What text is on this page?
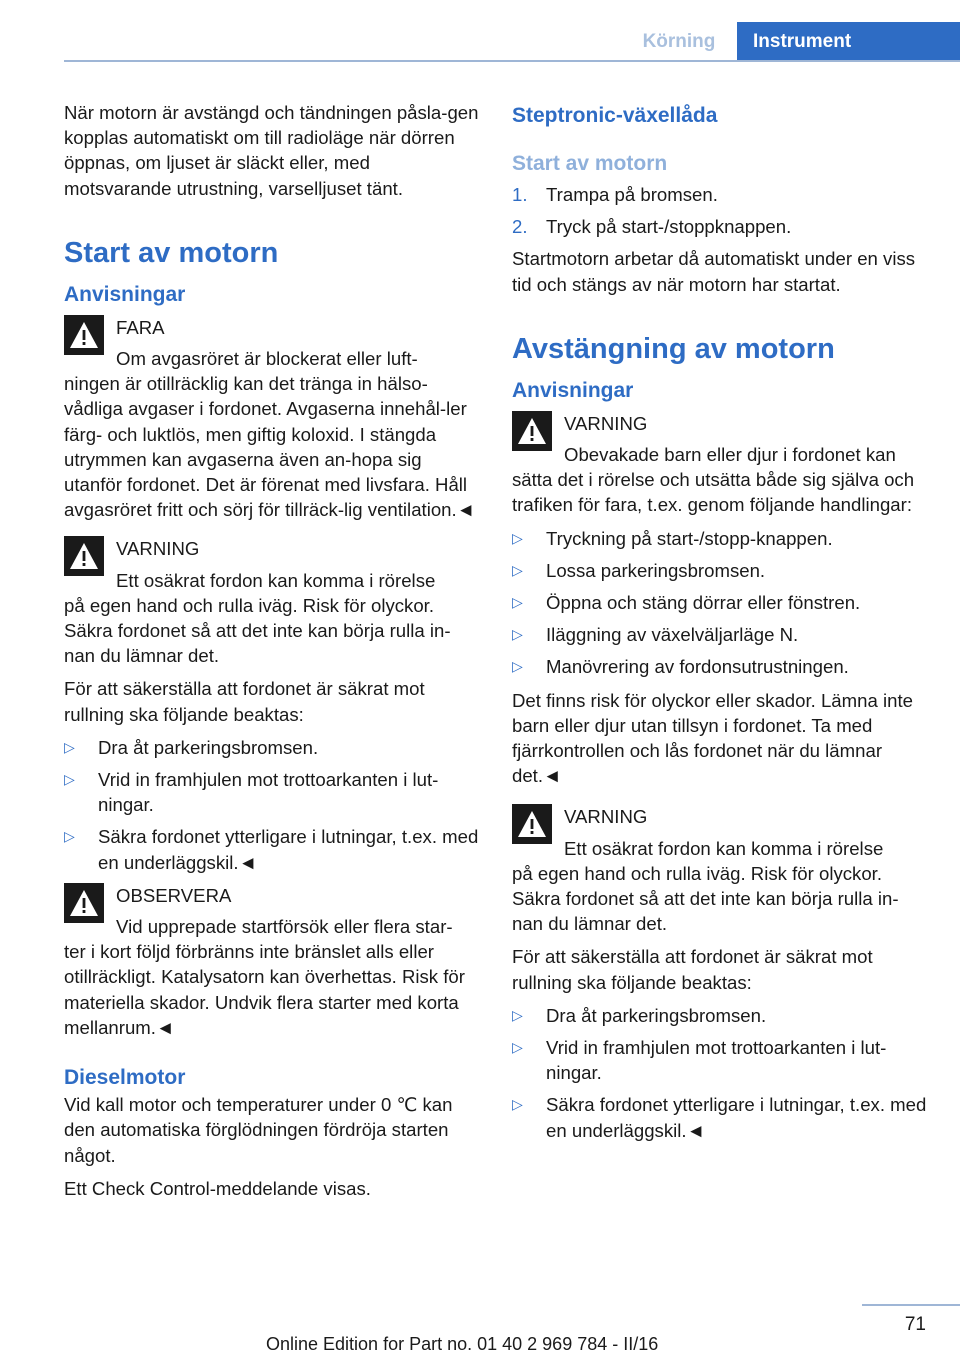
Körning	Instrument

När motorn är avstängd och tändningen påsla-gen kopplas automatiskt om till radioläge när dörren öppnas, om ljuset är släckt eller, med motsvarande utrustning, varselljuset tänt.

Start av motorn
Anvisningar
FARA
Om avgasröret är blockerat eller luft-
ningen är otillräcklig kan det tränga in hälso-vådliga avgaser i fordonet. Avgaserna innehål-ler färg- och luktlös, men giftig koloxid. I stängda utrymmen kan avgaserna även an-hopa sig utanför fordonet. Det är förenat med livsfara. Håll avgasröret fritt och sörj för tillräck-lig ventilation.◄
VARNING
Ett osäkrat fordon kan komma i rörelse
på egen hand och rulla iväg. Risk för olyckor. Säkra fordonet så att det inte kan börja rulla in-nan du lämnar det.

För att säkerställa att fordonet är säkrat mot rullning ska följande beaktas:

▷	Dra åt parkeringsbromsen.
▷	Vrid in framhjulen mot trottoarkanten i lut-ningar.
▷	Säkra fordonet ytterligare i lutningar, t.ex. med en underläggskil.◄
OBSERVERA
Vid upprepade startförsök eller flera star-
ter i kort följd förbränns inte bränslet alls eller otillräckligt. Katalysatorn kan överhettas. Risk för materiella skador. Undvik flera starter med korta mellanrum.◄
Dieselmotor

Vid kall motor och temperaturer under 0 ℃ kan den automatiska förglödningen fördröja starten något.

Ett Check Control-meddelande visas.

Steptronic-växellåda
Start av motorn
1. Trampa på bromsen.
2. Tryck på start-/stoppknappen.

Startmotorn arbetar då automatiskt under en viss tid och stängs av när motorn har startat.

Avstängning av motorn
Anvisningar
VARNING
Obevakade barn eller djur i fordonet kan
sätta det i rörelse och utsätta både sig själva och trafiken för fara, t.ex. genom följande handlingar:
▷	Tryckning på start-/stopp-knappen.
▷	Lossa parkeringsbromsen.
▷	Öppna och stäng dörrar eller fönstren.
▷	Iläggning av växelväljarläge N.
▷	Manövrering av fordonsutrustningen.

Det finns risk för olyckor eller skador. Lämna inte barn eller djur utan tillsyn i fordonet. Ta med fjärrkontrollen och lås fordonet när du lämnar det.◄

VARNING
Ett osäkrat fordon kan komma i rörelse
på egen hand och rulla iväg. Risk för olyckor. Säkra fordonet så att det inte kan börja rulla in-nan du lämnar det.

För att säkerställa att fordonet är säkrat mot rullning ska följande beaktas:

▷	Dra åt parkeringsbromsen.
▷	Vrid in framhjulen mot trottoarkanten i lut-ningar.
▷	Säkra fordonet ytterligare i lutningar, t.ex. med en underläggskil.◄
71
Online Edition for Part no. 01 40 2 969 784 - II/16
